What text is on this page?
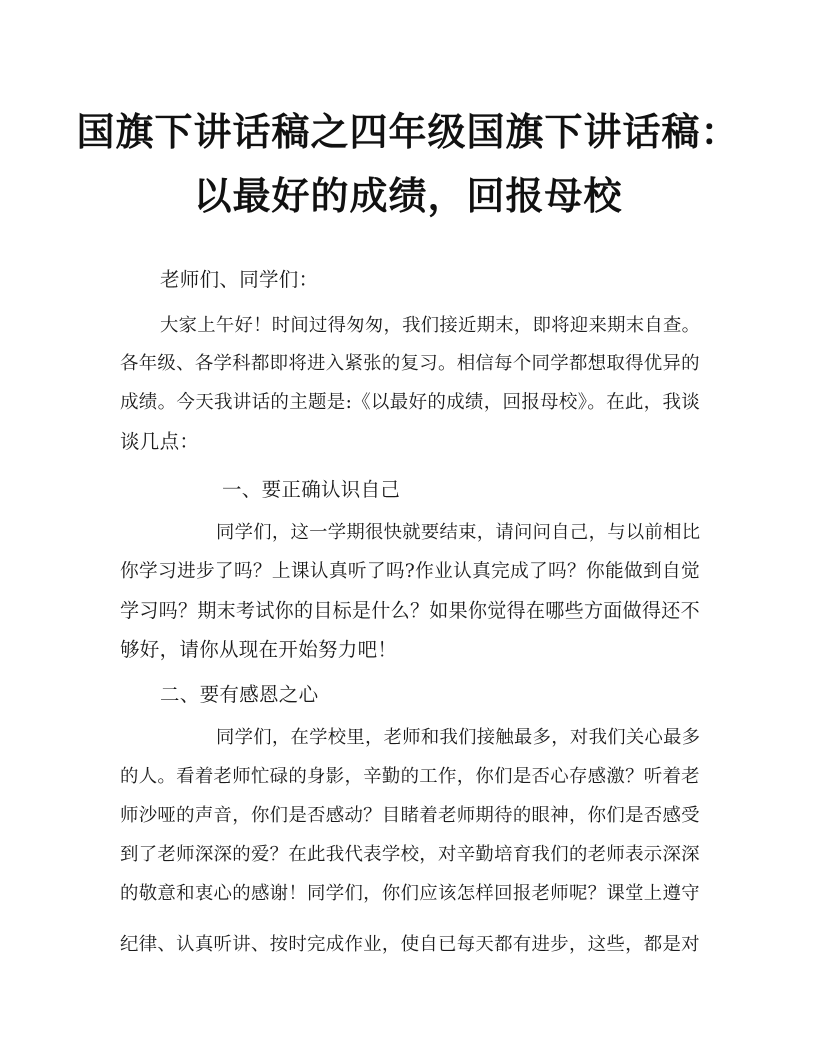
国旗下讲话稿之四年级国旗下讲话稿：
以最好的成绩，回报母校
老师们、同学们：
大家上午好！时间过得匆匆，我们接近期末，即将迎来期末自查。
各年级、各学科都即将进入紧张的复习。相信每个同学都想取得优异的
成绩。今天我讲话的主题是:《以最好的成绩，回报母校》。在此，我谈
谈几点：
一、要正确认识自己
同学们，这一学期很快就要结束，请问问自己，与以前相比
你学习进步了吗？上课认真听了吗?作业认真完成了吗？你能做到自觉
学习吗？期末考试你的目标是什么？如果你觉得在哪些方面做得还不
够好，请你从现在开始努力吧！
二、要有感恩之心
同学们，在学校里，老师和我们接触最多，对我们关心最多
的人。看着老师忙碌的身影，辛勤的工作，你们是否心存感激？听着老
师沙哑的声音，你们是否感动？目睹着老师期待的眼神，你们是否感受
到了老师深深的爱？在此我代表学校，对辛勤培育我们的老师表示深深
的敬意和衷心的感谢！同学们，你们应该怎样回报老师呢？课堂上遵守
纪律、认真听讲、按时完成作业，使自已每天都有进步，这些，都是对
